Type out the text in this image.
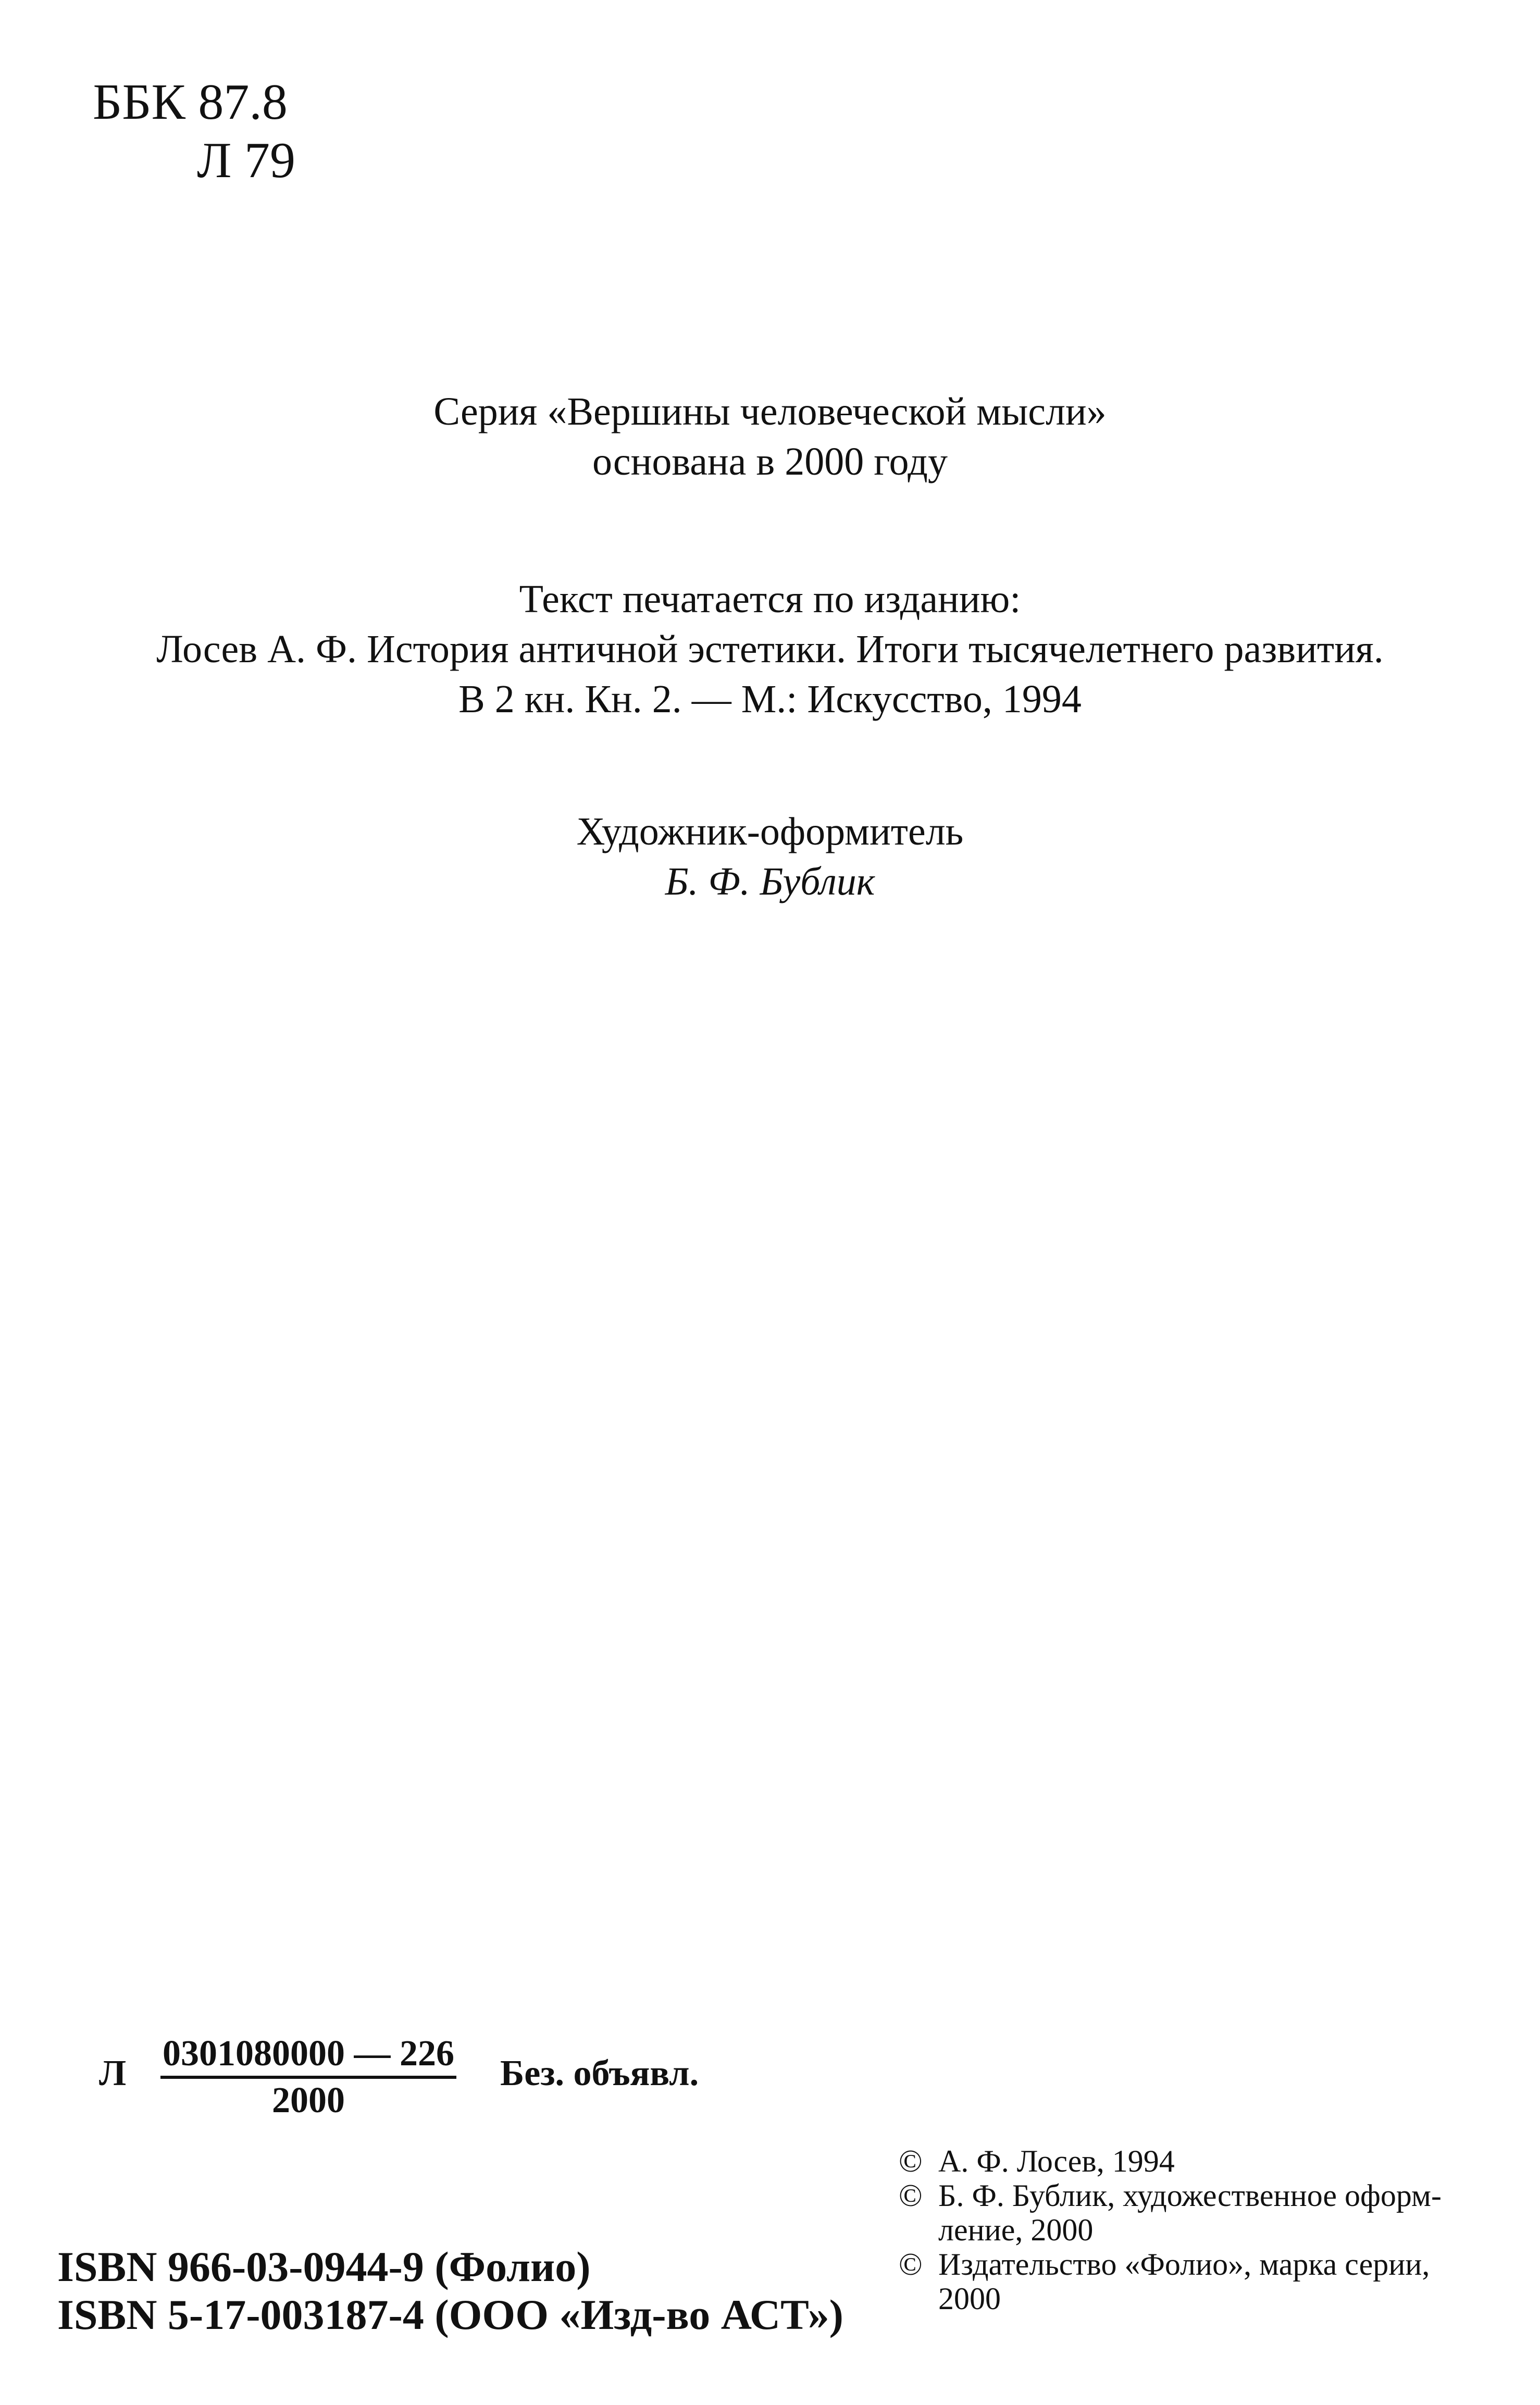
ББК 87.8
Л 79
Серия «Вершины человеческой мысли»
основана в 2000 году
Текст печатается по изданию:
Лосев А. Ф. История античной эстетики. Итоги тысячелетнего развития.
В 2 кн. Кн. 2. — М.: Искусство, 1994
Художник-оформитель
Б. Ф. Бублик
Л $\frac{0301080000 — 226}{2000}$ Без. объявл.
© А. Ф. Лосев, 1994
© Б. Ф. Бублик, художественное оформ-
ление, 2000
© Издательство «Фолио», марка серии,
2000
ISBN 966-03-0944-9 (Фолио)
ISBN 5-17-003187-4 (ООО «Изд-во АСТ»)
